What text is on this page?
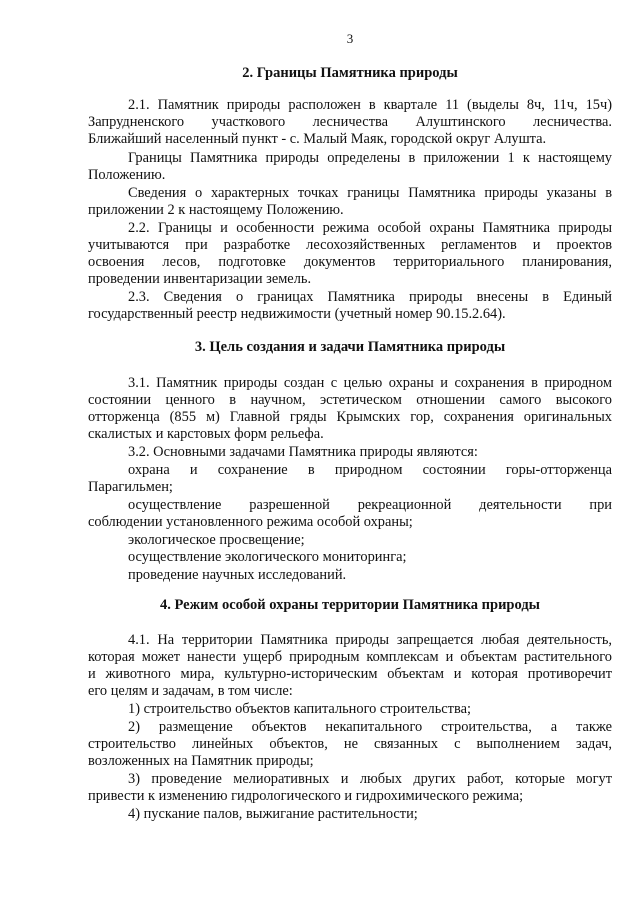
3
2. Границы Памятника природы
3. Цель создания и задачи Памятника природы
4. Режим особой охраны территории Памятника природы
2.1. Памятник природы расположен в квартале 11 (выделы 8ч, 11ч, 15ч)
Запрудненского участкового лесничества Алуштинского лесничества.
Ближайший населенный пункт - с. Малый Маяк, городской округ Алушта.
Границы Памятника природы определены в приложении 1 к настоящему
Положению.
Сведения о характерных точках границы Памятника природы указаны в
приложении 2 к настоящему Положению.
2.2. Границы и особенности режима особой охраны Памятника природы
учитываются при разработке лесохозяйственных регламентов и проектов
освоения лесов, подготовке документов территориального планирования,
проведении инвентаризации земель.
2.3. Сведения о границах Памятника природы внесены в Единый
государственный реестр недвижимости (учетный номер 90.15.2.64).
3.1. Памятник природы создан с целью охраны и сохранения в природном
состоянии ценного в научном, эстетическом отношении самого высокого
отторженца (855 м) Главной гряды Крымских гор, сохранения оригинальных
скалистых и карстовых форм рельефа.
3.2. Основными задачами Памятника природы являются:
охрана и сохранение в природном состоянии горы-отторженца
Парагильмен;
осуществление разрешенной рекреационной деятельности при
соблюдении установленного режима особой охраны;
экологическое просвещение;
осуществление экологического мониторинга;
проведение научных исследований.
4.1. На территории Памятника природы запрещается любая деятельность,
которая может нанести ущерб природным комплексам и объектам растительного
и животного мира, культурно-историческим объектам и которая противоречит
его целям и задачам, в том числе:
1) строительство объектов капитального строительства;
2) размещение объектов некапитального строительства, а также
строительство линейных объектов, не связанных с выполнением задач,
возложенных на Памятник природы;
3) проведение мелиоративных и любых других работ, которые могут
привести к изменению гидрологического и гидрохимического режима;
4) пускание палов, выжигание растительности;
